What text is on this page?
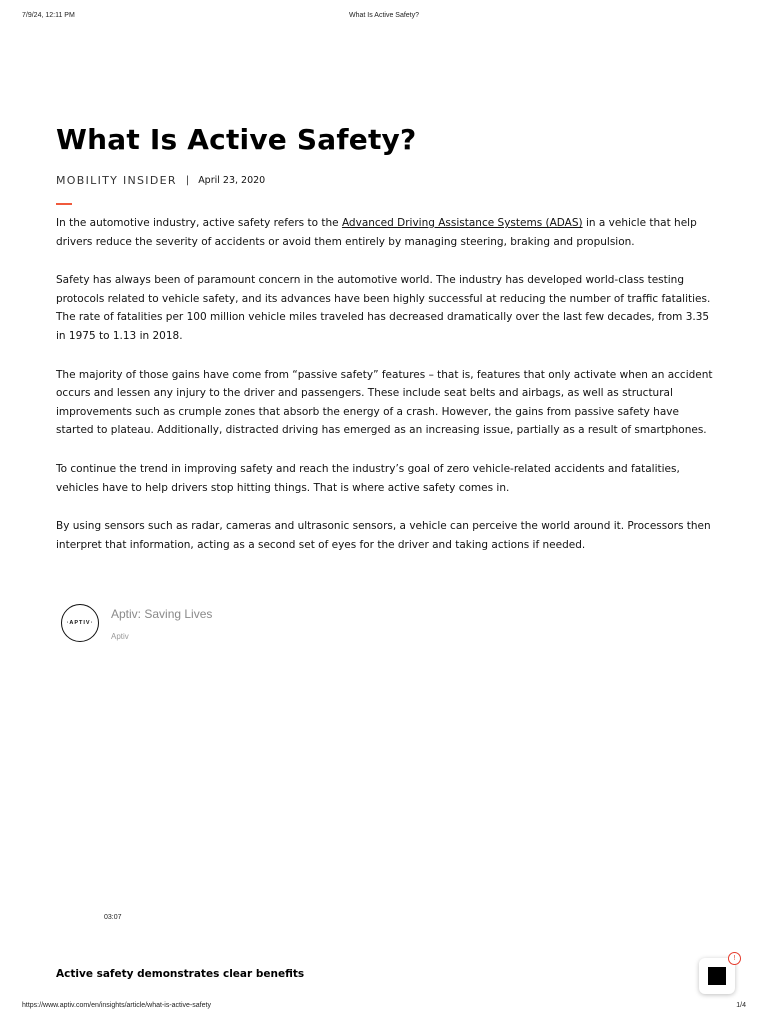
7/9/24, 12:11 PM	What Is Active Safety?
What Is Active Safety?
MOBILITY INSIDER | April 23, 2020

In the automotive industry, active safety refers to the Advanced Driving Assistance Systems (ADAS) in a vehicle that help drivers reduce the severity of accidents or avoid them entirely by managing steering, braking and propulsion.

Safety has always been of paramount concern in the automotive world. The industry has developed world-class testing protocols related to vehicle safety, and its advances have been highly successful at reducing the number of traffic fatalities. The rate of fatalities per 100 million vehicle miles traveled has decreased dramatically over the last few decades, from 3.35 in 1975 to 1.13 in 2018.

The majority of those gains have come from “passive safety” features – that is, features that only activate when an accident occurs and lessen any injury to the driver and passengers. These include seat belts and airbags, as well as structural improvements such as crumple zones that absorb the energy of a crash. However, the gains from passive safety have started to plateau. Additionally, distracted driving has emerged as an increasing issue, partially as a result of smartphones.

To continue the trend in improving safety and reach the industry’s goal of zero vehicle-related accidents and fatalities, vehicles have to help drivers stop hitting things. That is where active safety comes in.

By using sensors such as radar, cameras and ultrasonic sensors, a vehicle can perceive the world around it. Processors then interpret that information, acting as a second set of eyes for the driver and taking actions if needed.

·APTIV·
Aptiv: Saving Lives
Aptiv
03:07
Active safety demonstrates clear benefits
!
https://www.aptiv.com/en/insights/article/what-is-active-safety	1/4
